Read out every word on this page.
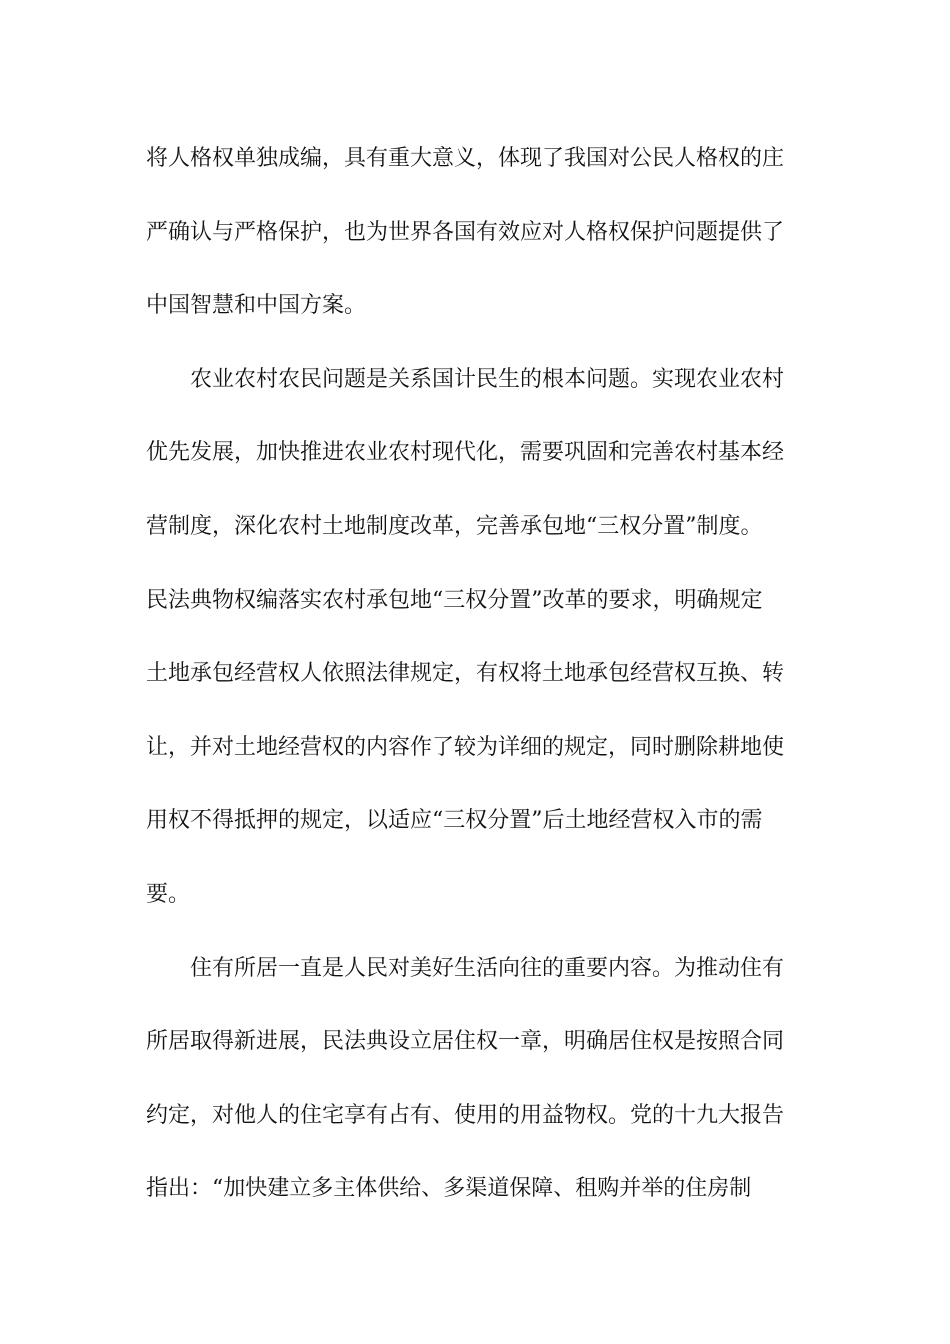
将人格权单独成编，具有重大意义，体现了我国对公民人格权的庄
严确认与严格保护，也为世界各国有效应对人格权保护问题提供了
中国智慧和中国方案。
农业农村农民问题是关系国计民生的根本问题。实现农业农村
优先发展，加快推进农业农村现代化，需要巩固和完善农村基本经
营制度，深化农村土地制度改革，完善承包地“三权分置”制度。
民法典物权编落实农村承包地“三权分置”改革的要求，明确规定
土地承包经营权人依照法律规定，有权将土地承包经营权互换、转
让，并对土地经营权的内容作了较为详细的规定，同时删除耕地使
用权不得抵押的规定，以适应“三权分置”后土地经营权入市的需
要。
住有所居一直是人民对美好生活向往的重要内容。为推动住有
所居取得新进展，民法典设立居住权一章，明确居住权是按照合同
约定，对他人的住宅享有占有、使用的用益物权。党的十九大报告
指出：“加快建立多主体供给、多渠道保障、租购并举的住房制
